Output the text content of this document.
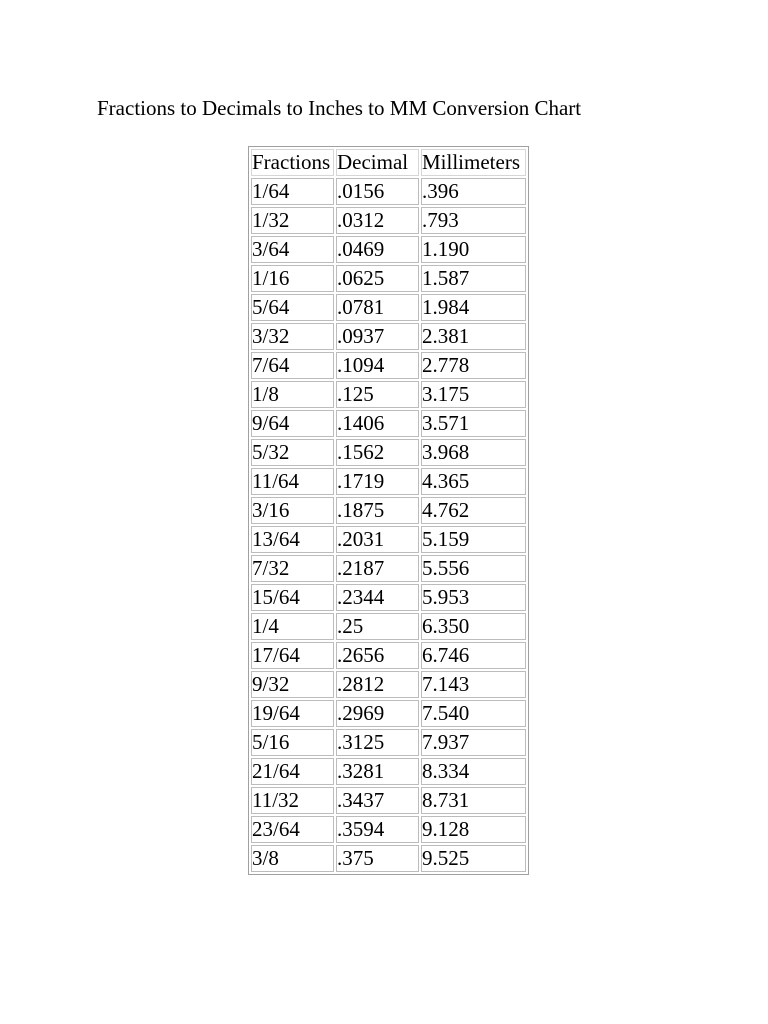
Fractions to Decimals to Inches to MM Conversion Chart
Fractions	Decimal	Millimeters
1/64	.0156	.396
1/32	.0312	.793
3/64	.0469	1.190
1/16	.0625	1.587
5/64	.0781	1.984
3/32	.0937	2.381
7/64	.1094	2.778
1/8	.125	3.175
9/64	.1406	3.571
5/32	.1562	3.968
11/64	.1719	4.365
3/16	.1875	4.762
13/64	.2031	5.159
7/32	.2187	5.556
15/64	.2344	5.953
1/4	.25	6.350
17/64	.2656	6.746
9/32	.2812	7.143
19/64	.2969	7.540
5/16	.3125	7.937
21/64	.3281	8.334
11/32	.3437	8.731
23/64	.3594	9.128
3/8	.375	9.525
